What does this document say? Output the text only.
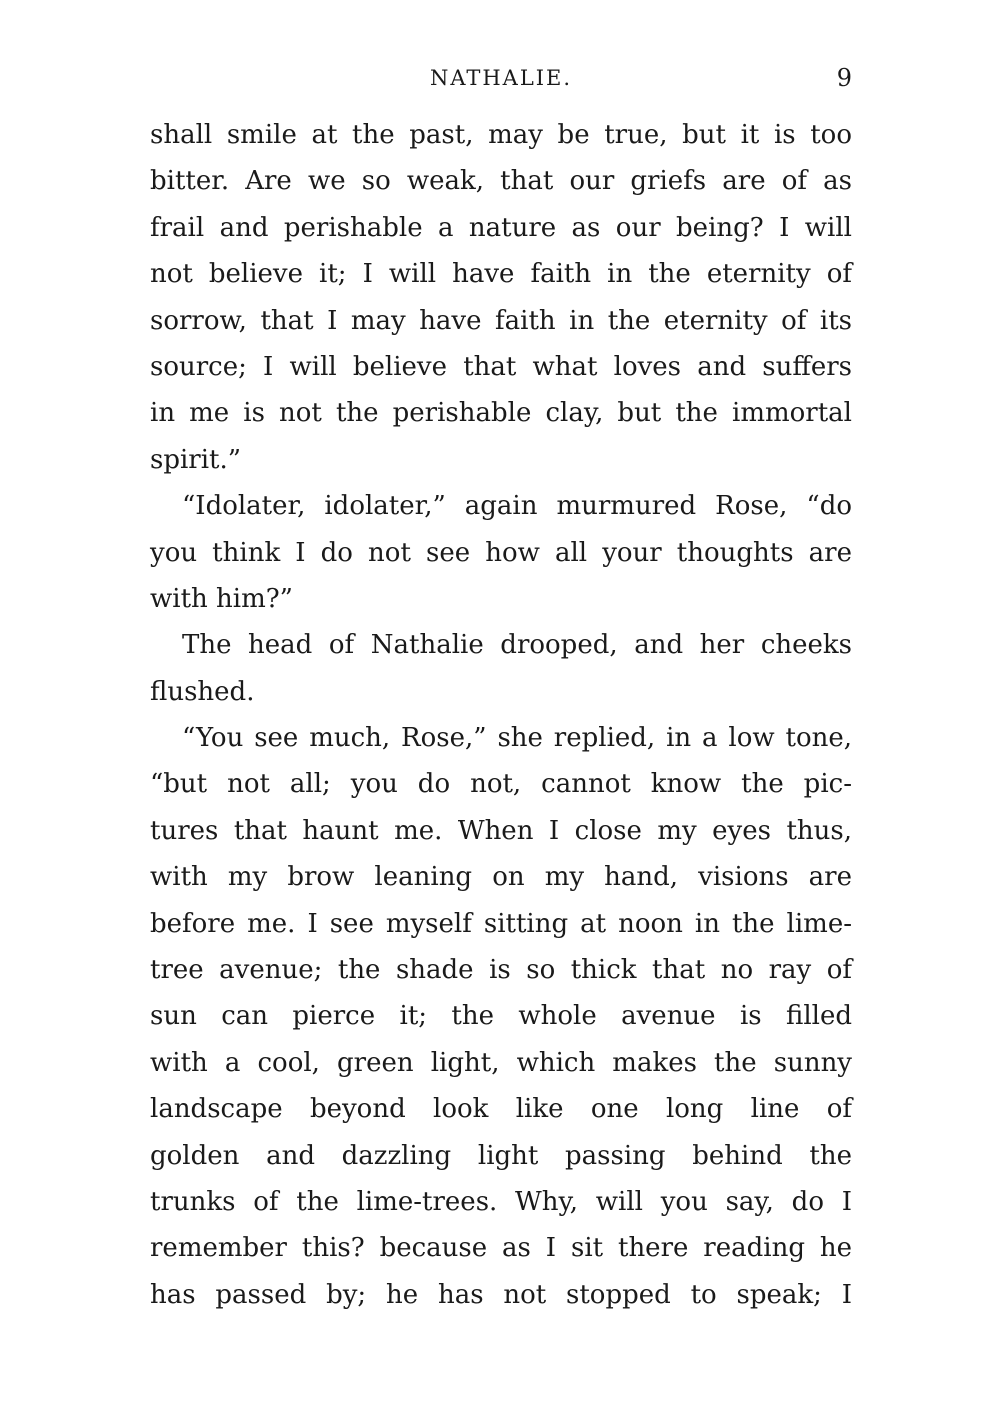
NATHALIE.	9
shall smile at the past, may be true, but it is too
bitter. Are we so weak, that our griefs are of as
frail and perishable a nature as our being? I will
not believe it; I will have faith in the eternity of
sorrow, that I may have faith in the eternity of its
source; I will believe that what loves and suffers
in me is not the perishable clay, but the immortal
spirit.”
“Idolater, idolater,” again murmured Rose, “do
you think I do not see how all your thoughts are
with him?”
The head of Nathalie drooped, and her cheeks
flushed.
“You see much, Rose,” she replied, in a low tone,
“but not all; you do not, cannot know the pic-
tures that haunt me. When I close my eyes thus,
with my brow leaning on my hand, visions are
before me. I see myself sitting at noon in the lime-
tree avenue; the shade is so thick that no ray of
sun can pierce it; the whole avenue is filled
with a cool, green light, which makes the sunny
landscape beyond look like one long line of
golden and dazzling light passing behind the
trunks of the lime-trees. Why, will you say, do I
remember this? because as I sit there reading he
has passed by; he has not stopped to speak; I
